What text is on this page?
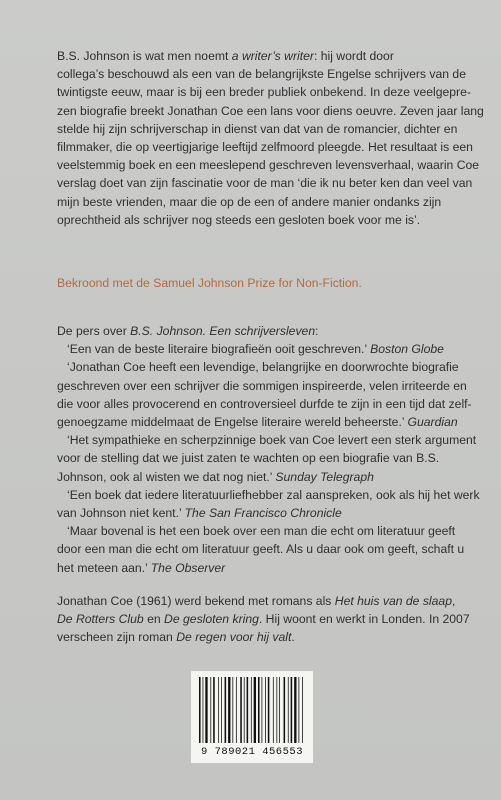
B.S. Johnson is wat men noemt a writer’s writer: hij wordt door
collega’s beschouwd als een van de belangrijkste Engelse schrijvers van de
twintigste eeuw, maar is bij een breder publiek onbekend. In deze veelgepre-
zen biografie breekt Jonathan Coe een lans voor diens oeuvre. Zeven jaar lang
stelde hij zijn schrijverschap in dienst van dat van de romancier, dichter en
filmmaker, die op veertigjarige leeftijd zelfmoord pleegde. Het resultaat is een
veelstemmig boek en een meeslepend geschreven levensverhaal, waarin Coe
verslag doet van zijn fascinatie voor de man ‘die ik nu beter ken dan veel van
mijn beste vrienden, maar die op de een of andere manier ondanks zijn
oprechtheid als schrijver nog steeds een gesloten boek voor me is’.

Bekroond met de Samuel Johnson Prize for Non-Fiction.

De pers over B.S. Johnson. Een schrijversleven:
‘Een van de beste literaire biografieën ooit geschreven.’ Boston Globe
‘Jonathan Coe heeft een levendige, belangrijke en doorwrochte biografie
geschreven over een schrijver die sommigen inspireerde, velen irriteerde en
die voor alles provocerend en controversieel durfde te zijn in een tijd dat zelf-
genoegzame middelmaat de Engelse literaire wereld beheerste.’ Guardian
‘Het sympathieke en scherpzinnige boek van Coe levert een sterk argument
voor de stelling dat we juist zaten te wachten op een biografie van B.S.
Johnson, ook al wisten we dat nog niet.’ Sunday Telegraph
‘Een boek dat iedere literatuurliefhebber zal aanspreken, ook als hij het werk
van Johnson niet kent.’ The San Francisco Chronicle
‘Maar bovenal is het een boek over een man die echt om literatuur geeft
door een man die echt om literatuur geeft. Als u daar ook om geeft, schaft u
het meteen aan.’ The Observer

Jonathan Coe (1961) werd bekend met romans als Het huis van de slaap,
De Rotters Club en De gesloten kring. Hij woont en werkt in Londen. In 2007
verscheen zijn roman De regen voor hij valt.

9 789021 456553
